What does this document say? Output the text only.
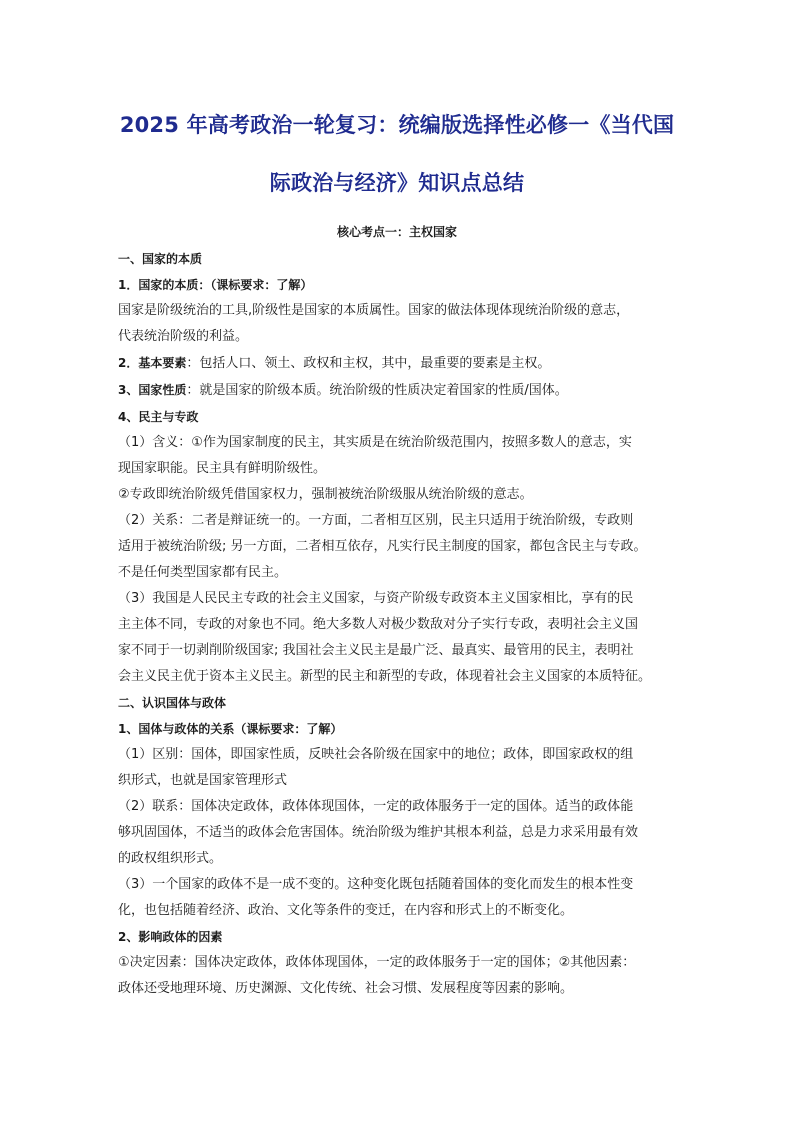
2025 年高考政治一轮复习：统编版选择性必修一《当代国
际政治与经济》知识点总结
核心考点一：主权国家

一、国家的本质

1．国家的本质：（课标要求：了解）

国家是阶级统治的工具,阶级性是国家的本质属性。国家的做法体现体现统治阶级的意志，

代表统治阶级的利益。

2．基本要素：包括人口、领土、政权和主权，其中，最重要的要素是主权。

3、国家性质：就是国家的阶级本质。统治阶级的性质决定着国家的性质/国体。

4、民主与专政

（1）含义：①作为国家制度的民主，其实质是在统治阶级范围内，按照多数人的意志，实

现国家职能。民主具有鲜明阶级性。

②专政即统治阶级凭借国家权力，强制被统治阶级服从统治阶级的意志。

（2）关系：二者是辩证统一的。一方面，二者相互区别，民主只适用于统治阶级，专政则

适用于被统治阶级; 另一方面，二者相互依存，凡实行民主制度的国家，都包含民主与专政。

不是任何类型国家都有民主。

（3）我国是人民民主专政的社会主义国家，与资产阶级专政资本主义国家相比，享有的民

主主体不同，专政的对象也不同。绝大多数人对极少数敌对分子实行专政，表明社会主义国

家不同于一切剥削阶级国家; 我国社会主义民主是最广泛、最真实、最管用的民主，表明社

会主义民主优于资本主义民主。新型的民主和新型的专政，体现着社会主义国家的本质特征。

二、认识国体与政体

1、国体与政体的关系（课标要求：了解）

（1）区别：国体，即国家性质，反映社会各阶级在国家中的地位；政体，即国家政权的组

织形式，也就是国家管理形式

（2）联系：国体决定政体，政体体现国体，一定的政体服务于一定的国体。适当的政体能

够巩固国体，不适当的政体会危害国体。统治阶级为维护其根本利益，总是力求采用最有效

的政权组织形式。

（3）一个国家的政体不是一成不变的。这种变化既包括随着国体的变化而发生的根本性变

化，也包括随着经济、政治、文化等条件的变迁，在内容和形式上的不断变化。

2、影响政体的因素

①决定因素：国体决定政体，政体体现国体，一定的政体服务于一定的国体；②其他因素：

政体还受地理环境、历史渊源、文化传统、社会习惯、发展程度等因素的影响。
